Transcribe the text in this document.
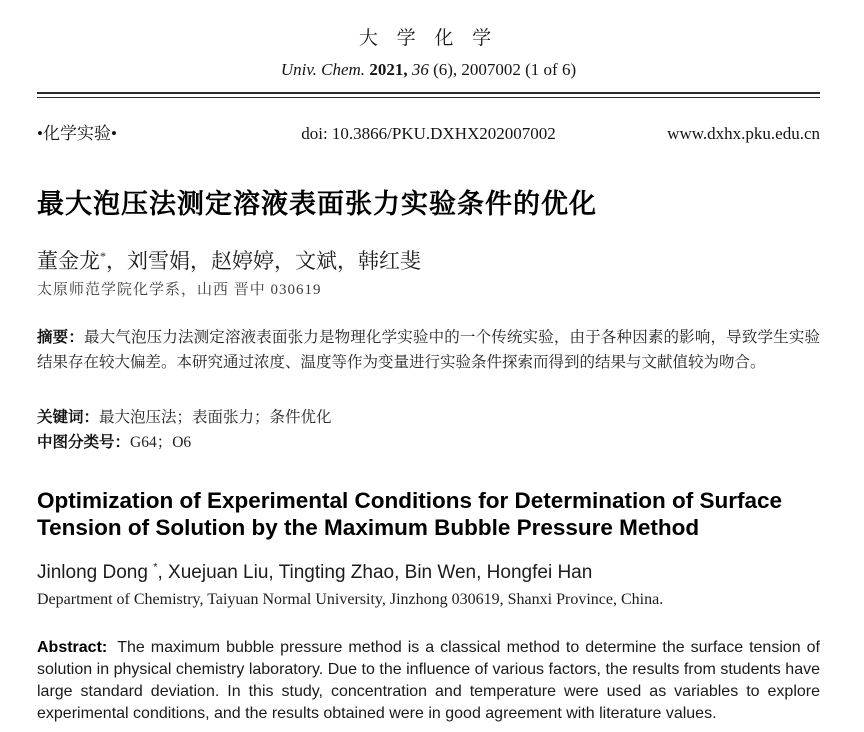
大 学 化 学
Univ. Chem. 2021, 36 (6), 2007002 (1 of 6)
•化学实验•	doi: 10.3866/PKU.DXHX202007002	www.dxhx.pku.edu.cn
最大泡压法测定溶液表面张力实验条件的优化
董金龙*，刘雪娟，赵婷婷，文斌，韩红斐
太原师范学院化学系，山西 晋中 030619
摘要：最大气泡压力法测定溶液表面张力是物理化学实验中的一个传统实验，由于各种因素的影响，导致学生实验结果存在较大偏差。本研究通过浓度、温度等作为变量进行实验条件探索而得到的结果与文献值较为吻合。
关键词：最大泡压法；表面张力；条件优化
中图分类号：G64；O6
Optimization of Experimental Conditions for Determination of Surface Tension of Solution by the Maximum Bubble Pressure Method
Jinlong Dong *, Xuejuan Liu, Tingting Zhao, Bin Wen, Hongfei Han
Department of Chemistry, Taiyuan Normal University, Jinzhong 030619, Shanxi Province, China.
Abstract: The maximum bubble pressure method is a classical method to determine the surface tension of solution in physical chemistry laboratory. Due to the influence of various factors, the results from students have large standard deviation. In this study, concentration and temperature were used as variables to explore experimental conditions, and the results obtained were in good agreement with literature values.
